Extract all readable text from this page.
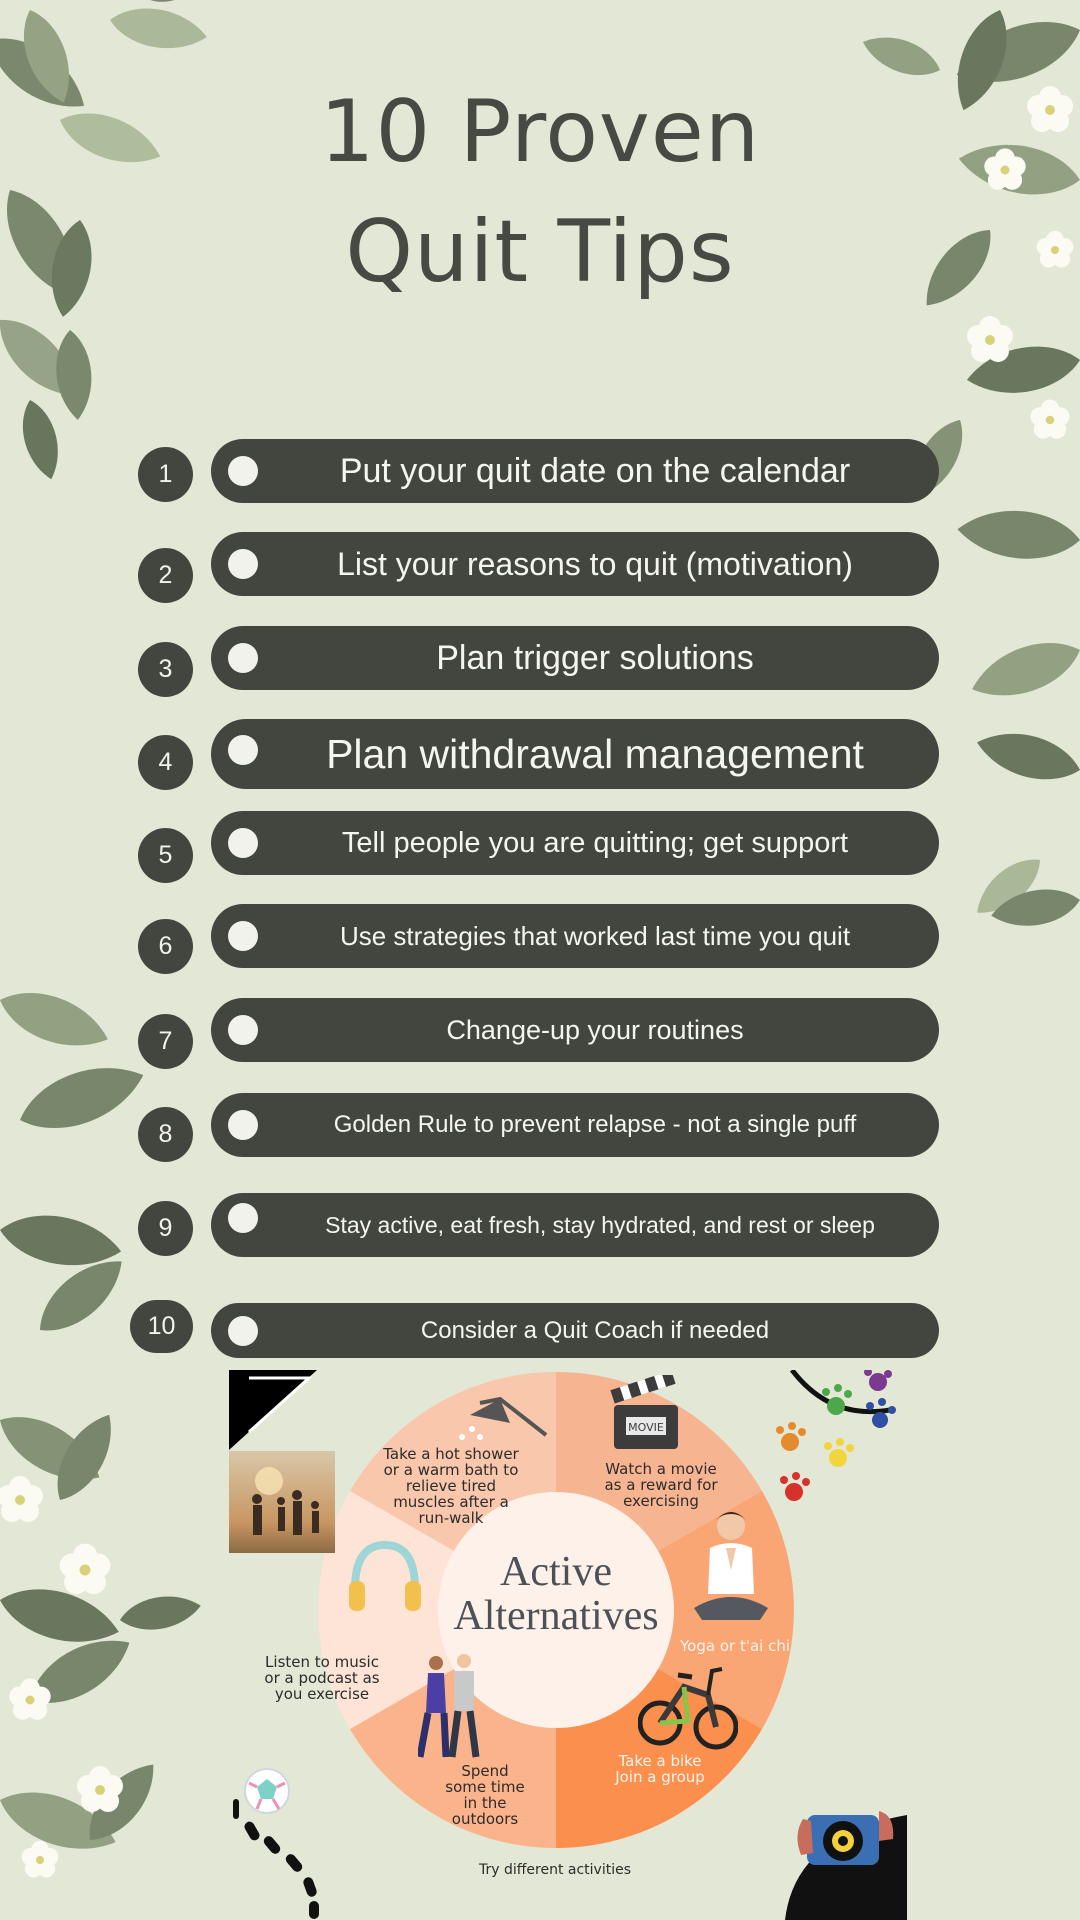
10 Proven
Quit Tips
1	Put your quit date on the calendar
2	List your reasons to quit (motivation)
3	Plan trigger solutions
4	Plan withdrawal management
5	Tell people you are quitting; get support
6	Use strategies that worked last time you quit
7	Change-up your routines
8	Golden Rule to prevent relapse - not a single puff
9	Stay active, eat fresh, stay hydrated, and rest or sleep
10	Consider a Quit Coach if needed
Active
Alternatives
Take a hot shower or a warm bath to relieve tired muscles after a run-walk
Watch a movie as a reward for exercising
Yoga or t'ai chi
Take a bike
Join a group
Spend some time in the outdoors
Listen to music or a podcast as you exercise
Try different activities
MOVIE
